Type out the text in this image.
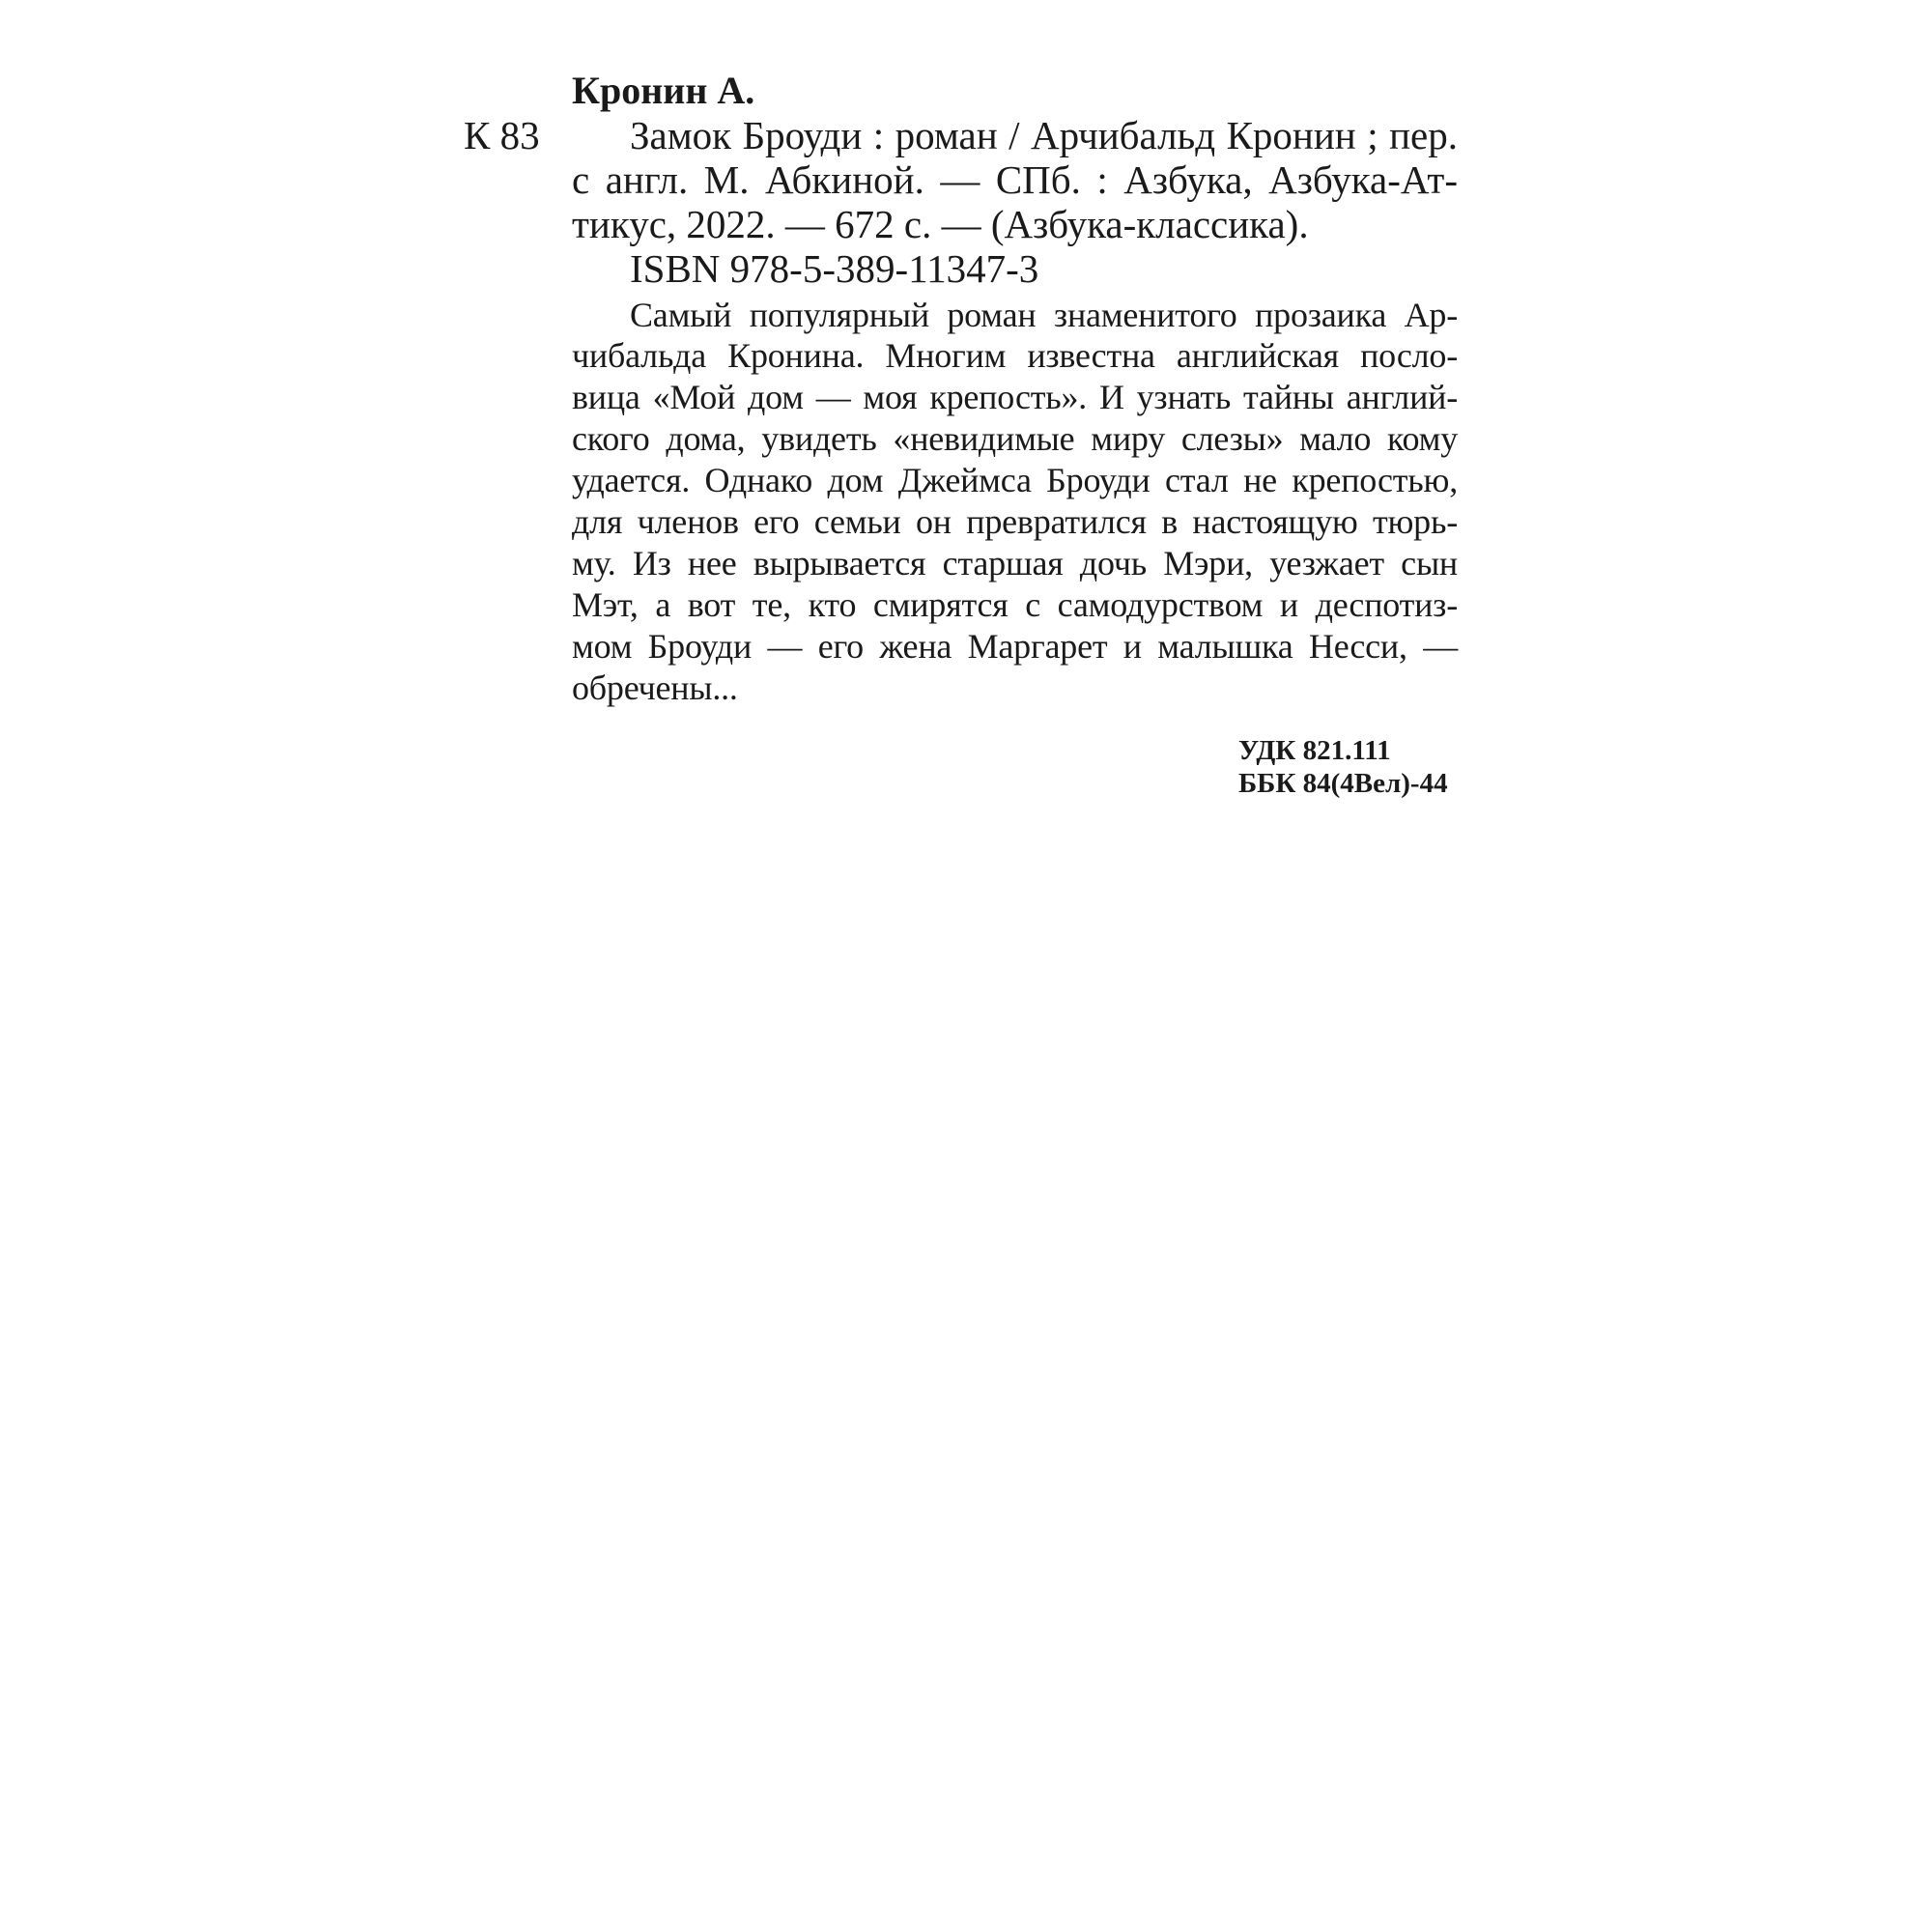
Кронин А.
К 83 Замок Броуди : роман / Арчибальд Кронин ; пер.
с англ. М. Абкиной. — СПб. : Азбука, Азбука-Ат-
тикус, 2022. — 672 с. — (Азбука-классика).
ISBN 978-5-389-11347-3
Самый популярный роман знаменитого прозаика Ар-
чибальда Кронина. Многим известна английская посло-
вица «Мой дом — моя крепость». И узнать тайны англий-
ского дома, увидеть «невидимые миру слезы» мало кому
удается. Однако дом Джеймса Броуди стал не крепостью,
для членов его семьи он превратился в настоящую тюрь-
му. Из нее вырывается старшая дочь Мэри, уезжает сын
Мэт, а вот те, кто смирятся с самодурством и деспотиз-
мом Броуди — его жена Маргарет и малышка Несси, —
обречены...
УДК 821.111
ББК 84(4Вел)-44
